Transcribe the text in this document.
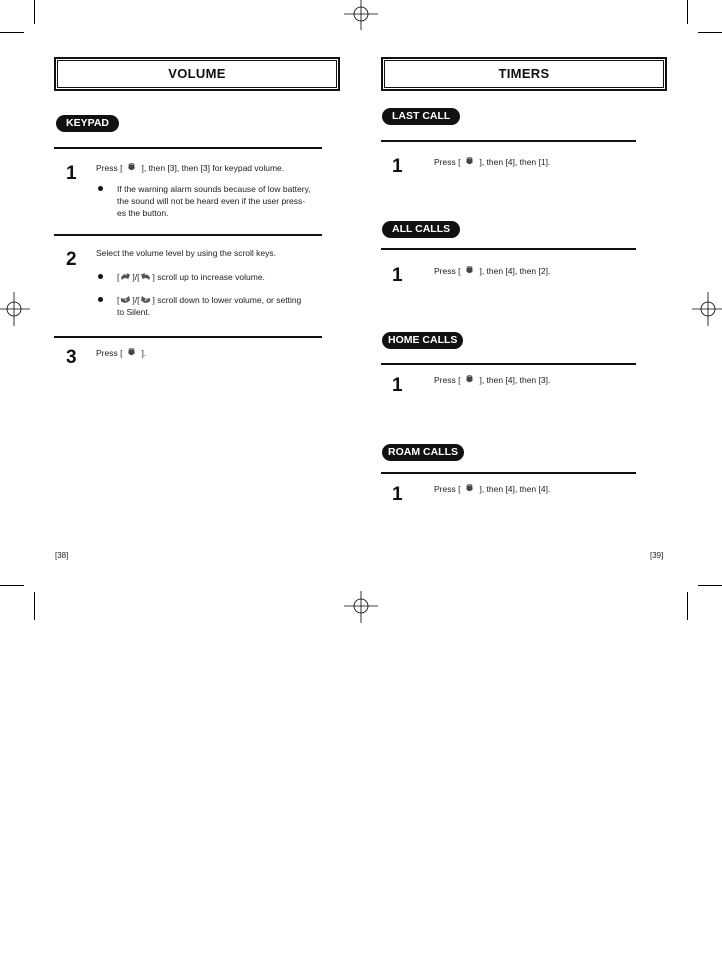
VOLUME
KEYPAD
1 Press [ ], then [3], then [3] for keypad volume.
If the warning alarm sounds because of low battery,
the sound will not be heard even if the user press-
es the button.
2 Select the volume level by using the scroll keys.
[ ]/[ ] scroll up to increase volume.
[ ]/[ ] scroll down to lower volume, or setting
to Silent.
3 Press [ ].
[38]
TIMERS
LAST CALL
1	Press [ ], then [4], then [1].
ALL CALLS
1	Press [ ], then [4], then [2].
HOME CALLS
1	Press [ ], then [4], then [3].
ROAM CALLS
1	Press [ ], then [4], then [4].
[39]
